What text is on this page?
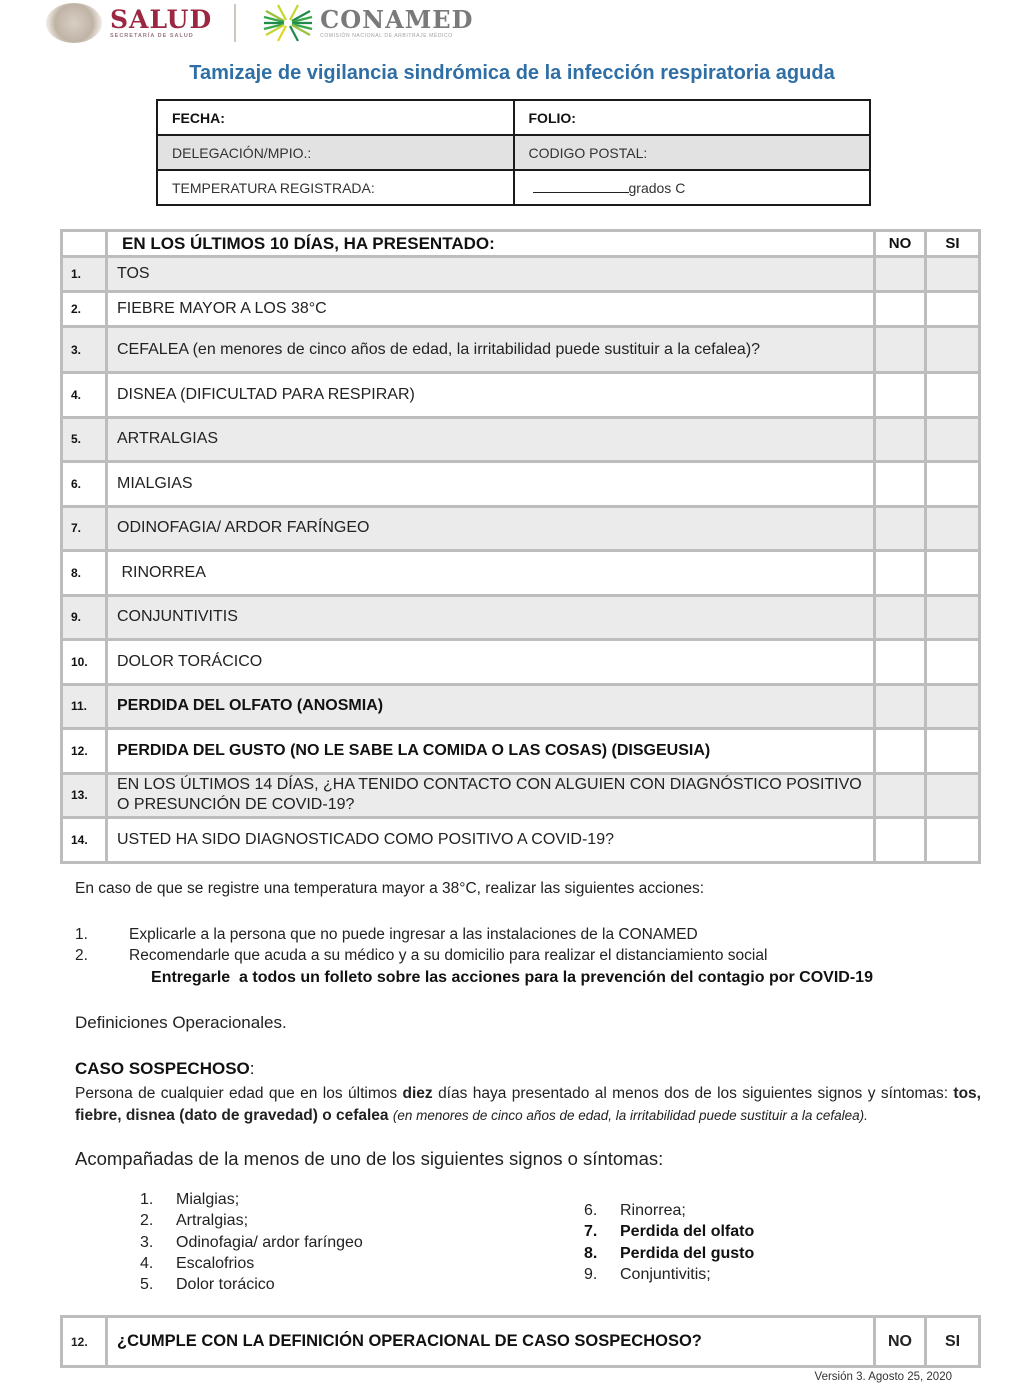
SALUD
SECRETARÍA DE SALUD
CONAMED
COMISIÓN NACIONAL DE ARBITRAJE MÉDICO
Tamizaje de vigilancia sindrómica de la infección respiratoria aguda
FECHA:	FOLIO:
DELEGACIÓN/MPIO.:	CODIGO POSTAL:
TEMPERATURA REGISTRADA:	grados C
	EN LOS ÚLTIMOS 10 DÍAS, HA PRESENTADO:	NO	SI
1.	TOS		
2.	FIEBRE MAYOR A LOS 38°C		
3.	CEFALEA (en menores de cinco años de edad, la irritabilidad puede sustituir a la cefalea)?		
4.	DISNEA (DIFICULTAD PARA RESPIRAR)		
5.	ARTRALGIAS		
6.	MIALGIAS		
7.	ODINOFAGIA/ ARDOR FARÍNGEO		
8.	RINORREA		
9.	CONJUNTIVITIS		
10.	DOLOR TORÁCICO		
11.	PERDIDA DEL OLFATO (ANOSMIA)		
12.	PERDIDA DEL GUSTO (NO LE SABE LA COMIDA O LAS COSAS) (DISGEUSIA)		
13.	EN LOS ÚLTIMOS 14 DÍAS, ¿HA TENIDO CONTACTO CON ALGUIEN CON DIAGNÓSTICO POSITIVO O PRESUNCIÓN DE COVID-19?		
14.	USTED HA SIDO DIAGNOSTICADO COMO POSITIVO A COVID-19?		

En caso de que se registre una temperatura mayor a 38°C, realizar las siguientes acciones:

1.	Explicarle a la persona que no puede ingresar a las instalaciones de la CONAMED
2.	Recomendarle que acuda a su médico y a su domicilio para realizar el distanciamiento social

Entregarle  a todos un folleto sobre las acciones para la prevención del contagio por COVID-19

Definiciones Operacionales.

CASO SOSPECHOSO:

Persona de cualquier edad que en los últimos diez días haya presentado al menos dos de los siguientes signos y síntomas: tos, fiebre, disnea (dato de gravedad) o cefalea (en menores de cinco años de edad, la irritabilidad puede sustituir a la cefalea).

Acompañadas de la menos de uno de los siguientes signos o síntomas:

1. Mialgias;
2. Artralgias;
3. Odinofagia/ ardor faríngeo
4. Escalofrios
5. Dolor torácico
6. Rinorrea;
7. Perdida del olfato
8. Perdida del gusto
9. Conjuntivitis;
12.	¿CUMPLE CON LA DEFINICIÓN OPERACIONAL DE CASO SOSPECHOSO?	NO	SI

Versión 3. Agosto 25, 2020
